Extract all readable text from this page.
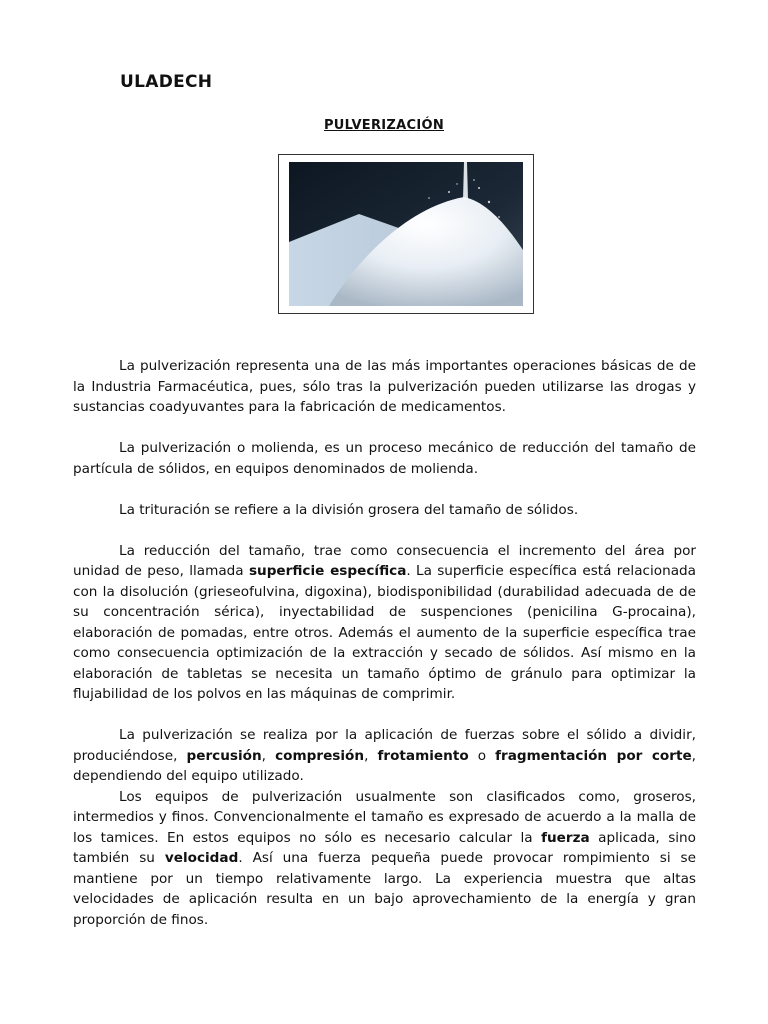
ULADECH
PULVERIZACIÓN

La pulverización representa una de las más importantes operaciones básicas de de la Industria Farmacéutica, pues, sólo tras la pulverización pueden utilizarse las drogas y sustancias coadyuvantes para la fabricación de medicamentos.

La pulverización o molienda, es un proceso mecánico de reducción del tamaño de partícula de sólidos, en equipos denominados de molienda.

La trituración se refiere a la división grosera del tamaño de sólidos.

La reducción del tamaño, trae como consecuencia el incremento del área por unidad de peso, llamada superficie específica. La superficie específica está relacionada con la disolución (grieseofulvina, digoxina), biodisponibilidad (durabilidad adecuada de de su concentración sérica), inyectabilidad de suspenciones (penicilina G-procaina), elaboración de pomadas, entre otros. Además el aumento de la superficie específica trae como consecuencia optimización de la extracción y secado de sólidos. Así mismo en la elaboración de tabletas se necesita un tamaño óptimo de gránulo para optimizar la flujabilidad de los polvos en las máquinas de comprimir.

La pulverización se realiza por la aplicación de fuerzas sobre el sólido a dividir, produciéndose, percusión, compresión, frotamiento o fragmentación por corte, dependiendo del equipo utilizado.

Los equipos de pulverización usualmente son clasificados como, groseros, intermedios y finos. Convencionalmente el tamaño es expresado de acuerdo a la malla de los tamices. En estos equipos no sólo es necesario calcular la fuerza aplicada, sino también su velocidad. Así una fuerza pequeña puede provocar rompimiento si se mantiene por un tiempo relativamente largo. La experiencia muestra que altas velocidades de aplicación resulta en un bajo aprovechamiento de la energía y gran proporción de finos.
